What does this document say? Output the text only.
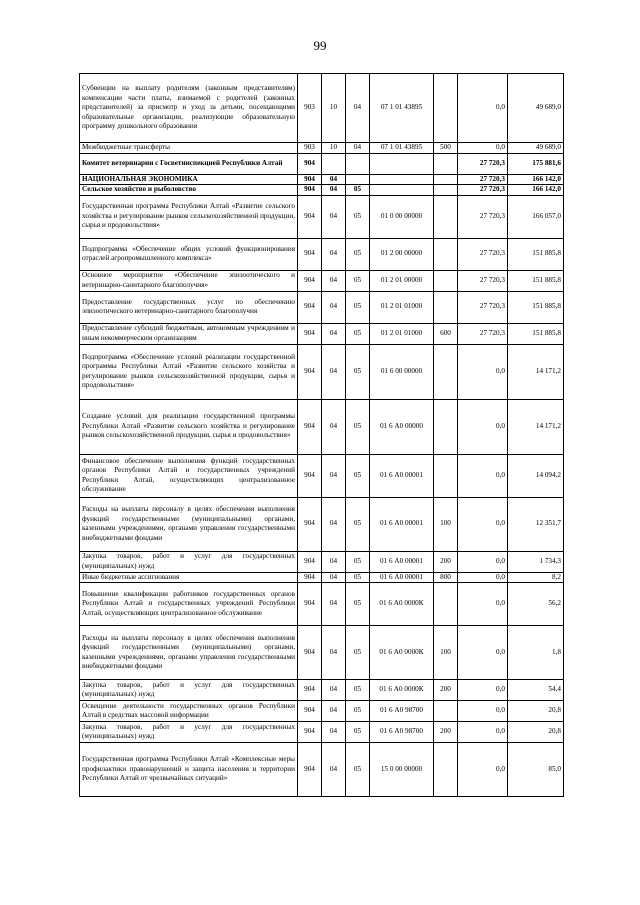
99
Субвенции на выплату родителям (законным представителям) компенсации части платы, взимаемой с родителей (законных представителей) за присмотр и уход за детьми, посещающими образовательные организации, реализующие образовательную программу дошкольного образования	903	10	04	07 1 01 43895		0,0	49 689,0
Межбюджетные трансферты	903	10	04	07 1 01 43895	500	0,0	49 689,0
Комитет ветеринарии с Госветинспекцией Республики Алтай	904					27 720,3	175 881,6
НАЦИОНАЛЬНАЯ ЭКОНОМИКА	904	04				27 720,3	166 142,0
Сельское хозяйство и рыболовство	904	04	05			27 720,3	166 142,0
Государственная программа Республики Алтай «Развитие сельского хозяйства и регулирование рынков сельскохозяйственной продукции, сырья и продовольствия»	904	04	05	01 0 00 00000		27 720,3	166 057,0
Подпрограмма «Обеспечение общих условий функционирования отраслей агропромышленного комплекса»	904	04	05	01 2 00 00000		27 720,3	151 885,8
Основное мероприятие «Обеспечение эпизоотического и ветеринарно-санитарного благополучия»	904	04	05	01 2 01 00000		27 720,3	151 885,8
Предоставление государственных услуг по обеспечению эпизоотического ветеринарно-санитарного благополучия	904	04	05	01 2 01 01000		27 720,3	151 885,8
Предоставление субсидий бюджетным, автономным учреждениям и иным некоммерческим организациям	904	04	05	01 2 01 01000	600	27 720,3	151 885,8
Подпрограмма «Обеспечение условий реализации государственной программы Республики Алтай «Развитие сельского хозяйства и регулирование рынков сельскохозяйственной продукции, сырья и продовольствия»	904	04	05	01 6 00 00000		0,0	14 171,2
Создание условий для реализации государственной программы Республики Алтай «Развитие сельского хозяйства и регулирование рынков сельскохозяйственной продукции, сырья и продовольствия»	904	04	05	01 6 А0 00000		0,0	14 171,2
Финансовое обеспечение выполнения функций государственных органов Республики Алтай и государственных учреждений Республики Алтай, осуществляющих централизованное обслуживание	904	04	05	01 6 А0 00001		0,0	14 094,2
Расходы на выплаты персоналу в целях обеспечения выполнения функций государственными (муниципальными) органами, казенными учреждениями, органами управления государственными внебюджетными фондами	904	04	05	01 6 А0 00001	100	0,0	12 351,7
Закупка товаров, работ и услуг для государственных (муниципальных) нужд	904	04	05	01 6 А0 00001	200	0,0	1 734,3
Иные бюджетные ассигнования	904	04	05	01 6 А0 00001	800	0,0	8,2
Повышение квалификации работников государственных органов Республики Алтай и государственных учреждений Республики Алтай, осуществляющих централизованное обслуживание	904	04	05	01 6 А0 0000К		0,0	56,2
Расходы на выплаты персоналу в целях обеспечения выполнения функций государственными (муниципальными) органами, казенными учреждениями, органами управления государственными внебюджетными фондами	904	04	05	01 6 А0 0000К	100	0,0	1,8
Закупка товаров, работ и услуг для государственных (муниципальных) нужд	904	04	05	01 6 А0 0000К	200	0,0	54,4
Освещение деятельности государственных органов Республики Алтай в средствах массовой информации	904	04	05	01 6 А0 98700		0,0	20,8
Закупка товаров, работ и услуг для государственных (муниципальных) нужд	904	04	05	01 6 А0 98700	200	0,0	20,8
Государственная программа Республики Алтай «Комплексные меры профилактики правонарушений и защита населения и территории Республики Алтай от чрезвычайных ситуаций»	904	04	05	15 0 00 00000		0,0	85,0
